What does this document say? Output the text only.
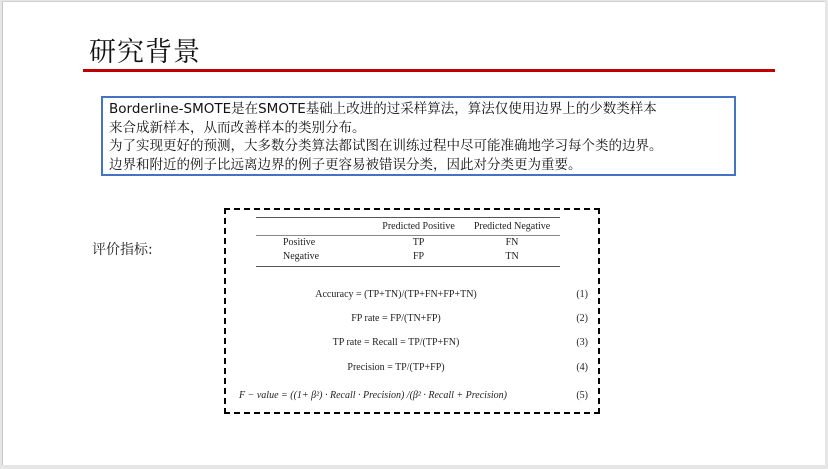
研究背景
Borderline-SMOTE是在SMOTE基础上改进的过采样算法，算法仅使用边界上的少数类样本
来合成新样本，从而改善样本的类别分布。
为了实现更好的预测，大多数分类算法都试图在训练过程中尽可能准确地学习每个类的边界。
边界和附近的例子比远离边界的例子更容易被错误分类，因此对分类更为重要。
评价指标:
	Predicted Positive	Predicted Negative
Positive	TP	FN
Negative	FP	TN
Accuracy = (TP+TN)/(TP+FN+FP+TN)	(1)
FP rate = FP/(TN+FP)	(2)
TP rate = Recall = TP/(TP+FN)	(3)
Precision = TP/(TP+FP)	(4)
F − value = ((1+ β²) · Recall · Precision) /(β² · Recall + Precision)	(5)
